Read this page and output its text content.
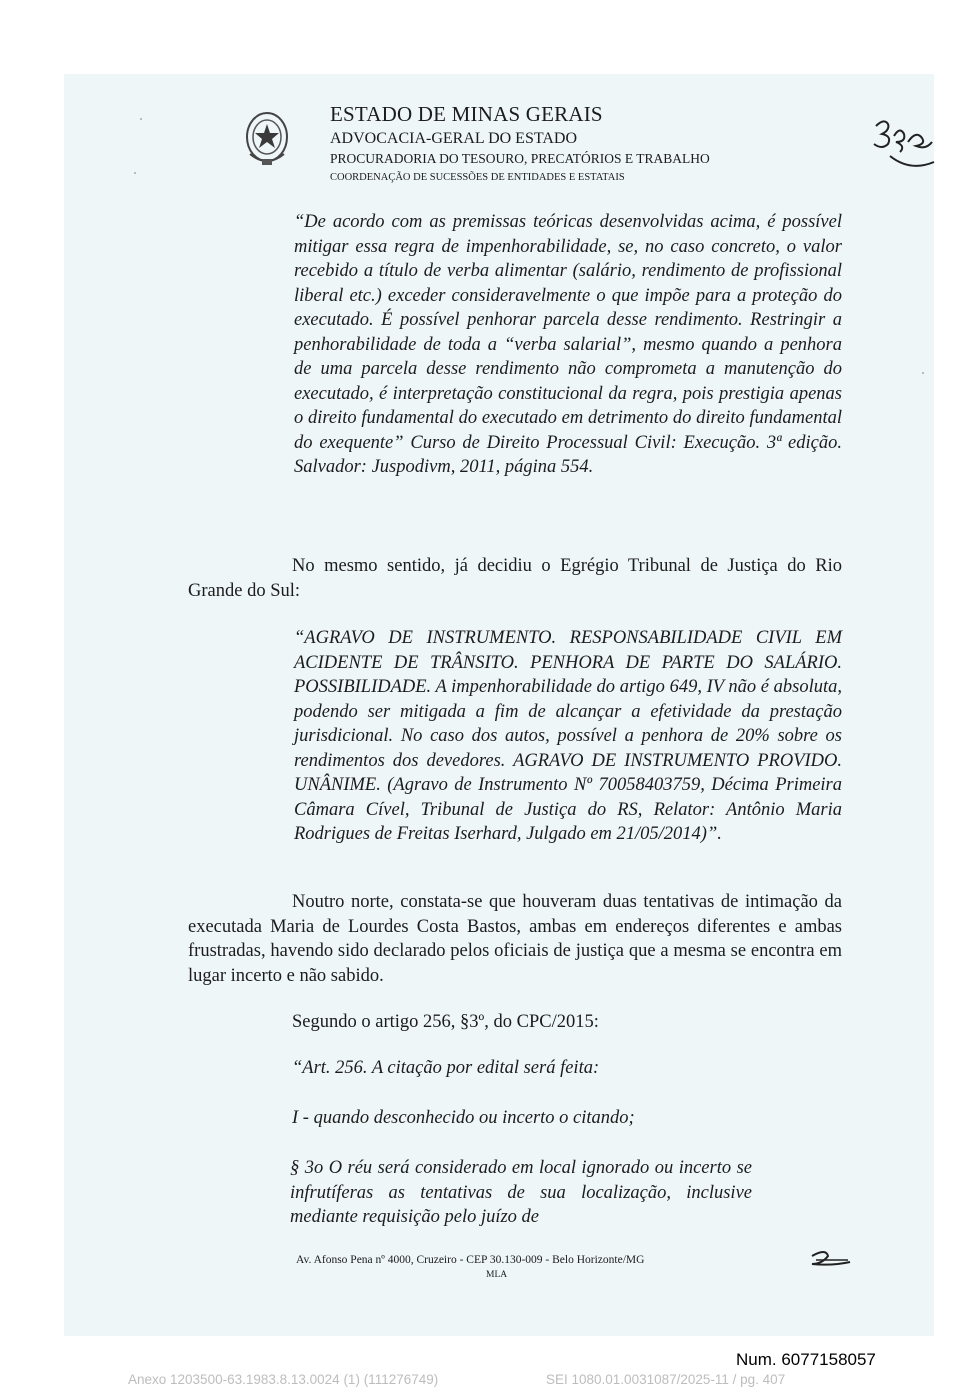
ESTADO DE MINAS GERAIS
ADVOCACIA-GERAL DO ESTADO
PROCURADORIA DO TESOURO, PRECATÓRIOS E TRABALHO
COORDENAÇÃO DE SUCESSÕES DE ENTIDADES E ESTATAIS
“De acordo com as premissas teóricas desenvolvidas acima, é possível mitigar essa regra de impenhorabilidade, se, no caso concreto, o valor recebido a título de verba alimentar (salário, rendimento de profissional liberal etc.) exceder consideravelmente o que impõe para a proteção do executado. É possível penhorar parcela desse rendimento. Restringir a penhorabilidade de toda a “verba salarial”, mesmo quando a penhora de uma parcela desse rendimento não comprometa a manutenção do executado, é interpretação constitucional da regra, pois prestigia apenas o direito fundamental do executado em detrimento do direito fundamental do exequente” Curso de Direito Processual Civil: Execução. 3ª edição. Salvador: Juspodivm, 2011, página 554.
No mesmo sentido, já decidiu o Egrégio Tribunal de Justiça do Rio Grande do Sul:
“AGRAVO DE INSTRUMENTO. RESPONSABILIDADE CIVIL EM ACIDENTE DE TRÂNSITO. PENHORA DE PARTE DO SALÁRIO. POSSIBILIDADE. A impenhorabilidade do artigo 649, IV não é absoluta, podendo ser mitigada a fim de alcançar a efetividade da prestação jurisdicional. No caso dos autos, possível a penhora de 20% sobre os rendimentos dos devedores. AGRAVO DE INSTRUMENTO PROVIDO. UNÂNIME. (Agravo de Instrumento Nº 70058403759, Décima Primeira Câmara Cível, Tribunal de Justiça do RS, Relator: Antônio Maria Rodrigues de Freitas Iserhard, Julgado em 21/05/2014)”.
Noutro norte, constata-se que houveram duas tentativas de intimação da executada Maria de Lourdes Costa Bastos, ambas em endereços diferentes e ambas frustradas, havendo sido declarado pelos oficiais de justiça que a mesma se encontra em lugar incerto e não sabido.
Segundo o artigo 256, §3º, do CPC/2015:
“Art. 256. A citação por edital será feita:
I - quando desconhecido ou incerto o citando;
§ 3o O réu será considerado em local ignorado ou incerto se infrutíferas as tentativas de sua localização, inclusive mediante requisição pelo juízo de
Av. Afonso Pena nº 4000, Cruzeiro - CEP 30.130-009 - Belo Horizonte/MG
MLA
Num. 6077158057
Anexo 1203500-63.1983.8.13.0024 (1) (111276749)	SEI 1080.01.0031087/2025-11 / pg. 407
